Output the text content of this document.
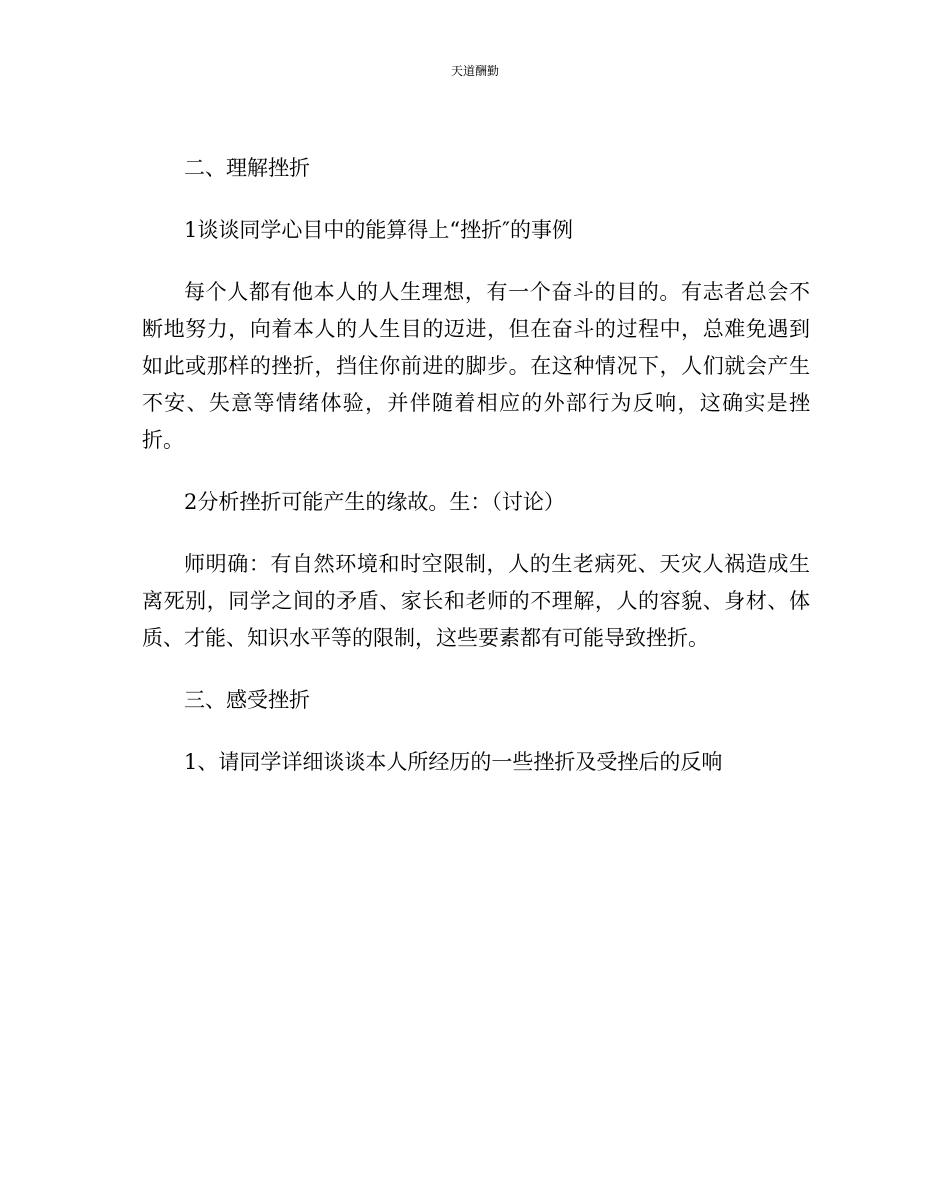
天道酬勤

二、理解挫折

1谈谈同学心目中的能算得上“挫折″的事例

每个人都有他本人的人生理想，有一个奋斗的目的。有志者总会不断地努力，向着本人的人生目的迈进，但在奋斗的过程中，总难免遇到如此或那样的挫折，挡住你前进的脚步。在这种情况下，人们就会产生不安、失意等情绪体验，并伴随着相应的外部行为反响，这确实是挫折。

2分析挫折可能产生的缘故。生：（讨论）

师明确：有自然环境和时空限制，人的生老病死、天灾人祸造成生离死别，同学之间的矛盾、家长和老师的不理解，人的容貌、身材、体质、才能、知识水平等的限制，这些要素都有可能导致挫折。

三、感受挫折

1、请同学详细谈谈本人所经历的一些挫折及受挫后的反响
